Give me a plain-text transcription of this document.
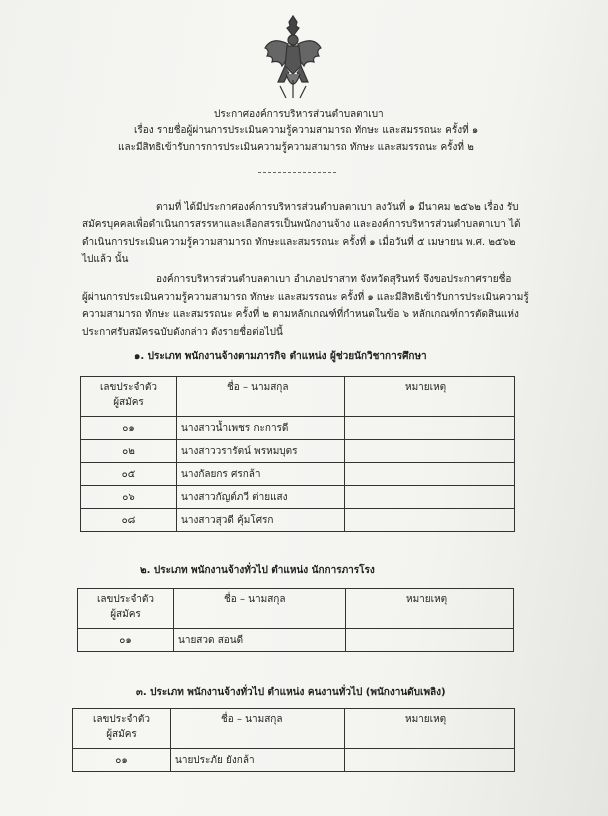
ประกาศองค์การบริหารส่วนตำบลตาเบา
เรื่อง รายชื่อผู้ผ่านการประเมินความรู้ความสามารถ ทักษะ และสมรรถนะ ครั้งที่ ๑
และมีสิทธิเข้ารับการการประเมินความรู้ความสามารถ ทักษะ และสมรรถนะ ครั้งที่ ๒
ตามที่ ได้มีประกาศองค์การบริหารส่วนตำบลตาเบา ลงวันที่ ๑ มีนาคม ๒๕๖๒ เรื่อง รับ
สมัครบุคคลเพื่อดำเนินการสรรหาและเลือกสรรเป็นพนักงานจ้าง และองค์การบริหารส่วนตำบลตาเบา ได้
ดำเนินการประเมินความรู้ความสามารถ ทักษะและสมรรถนะ ครั้งที่ ๑ เมื่อวันที่ ๕ เมษายน พ.ศ. ๒๕๖๒
ไปแล้ว นั้น
องค์การบริหารส่วนตำบลตาเบา อำเภอปราสาท จังหวัดสุรินทร์ จึงขอประกาศรายชื่อ
ผู้ผ่านการประเมินความรู้ความสามารถ ทักษะ และสมรรถนะ ครั้งที่ ๑ และมีสิทธิเข้ารับการประเมินความรู้
ความสามารถ ทักษะ และสมรรถนะ ครั้งที่ ๒ ตามหลักเกณฑ์ที่กำหนดในข้อ ๖ หลักเกณฑ์การตัดสินแห่ง
ประกาศรับสมัครฉบับดังกล่าว ดังรายชื่อต่อไปนี้
๑. ประเภท พนักงานจ้างตามภารกิจ ตำแหน่ง ผู้ช่วยนักวิชาการศึกษา
เลขประจำตัว
ผู้สมัคร	ชื่อ – นามสกุล	หมายเหตุ
๐๑	นางสาวน้ำเพชร กะการดี	
๐๒	นางสาววรารัตน์ พรหมบุตร	
๐๕	นางกัลยกร ศรกล้า	
๐๖	นางสาวกัญต์ภวี ต่ายแสง	
๐๘	นางสาวสุวดี คุ้มโศรก	
๒. ประเภท พนักงานจ้างทั่วไป ตำแหน่ง นักการภารโรง
เลขประจำตัว
ผู้สมัคร	ชื่อ – นามสกุล	หมายเหตุ
๐๑	นายสวด สอนดี	
๓. ประเภท พนักงานจ้างทั่วไป ตำแหน่ง คนงานทั่วไป (พนักงานดับเพลิง)
เลขประจำตัว
ผู้สมัคร	ชื่อ – นามสกุล	หมายเหตุ
๐๑	นายประภัย ยังกล้า	
